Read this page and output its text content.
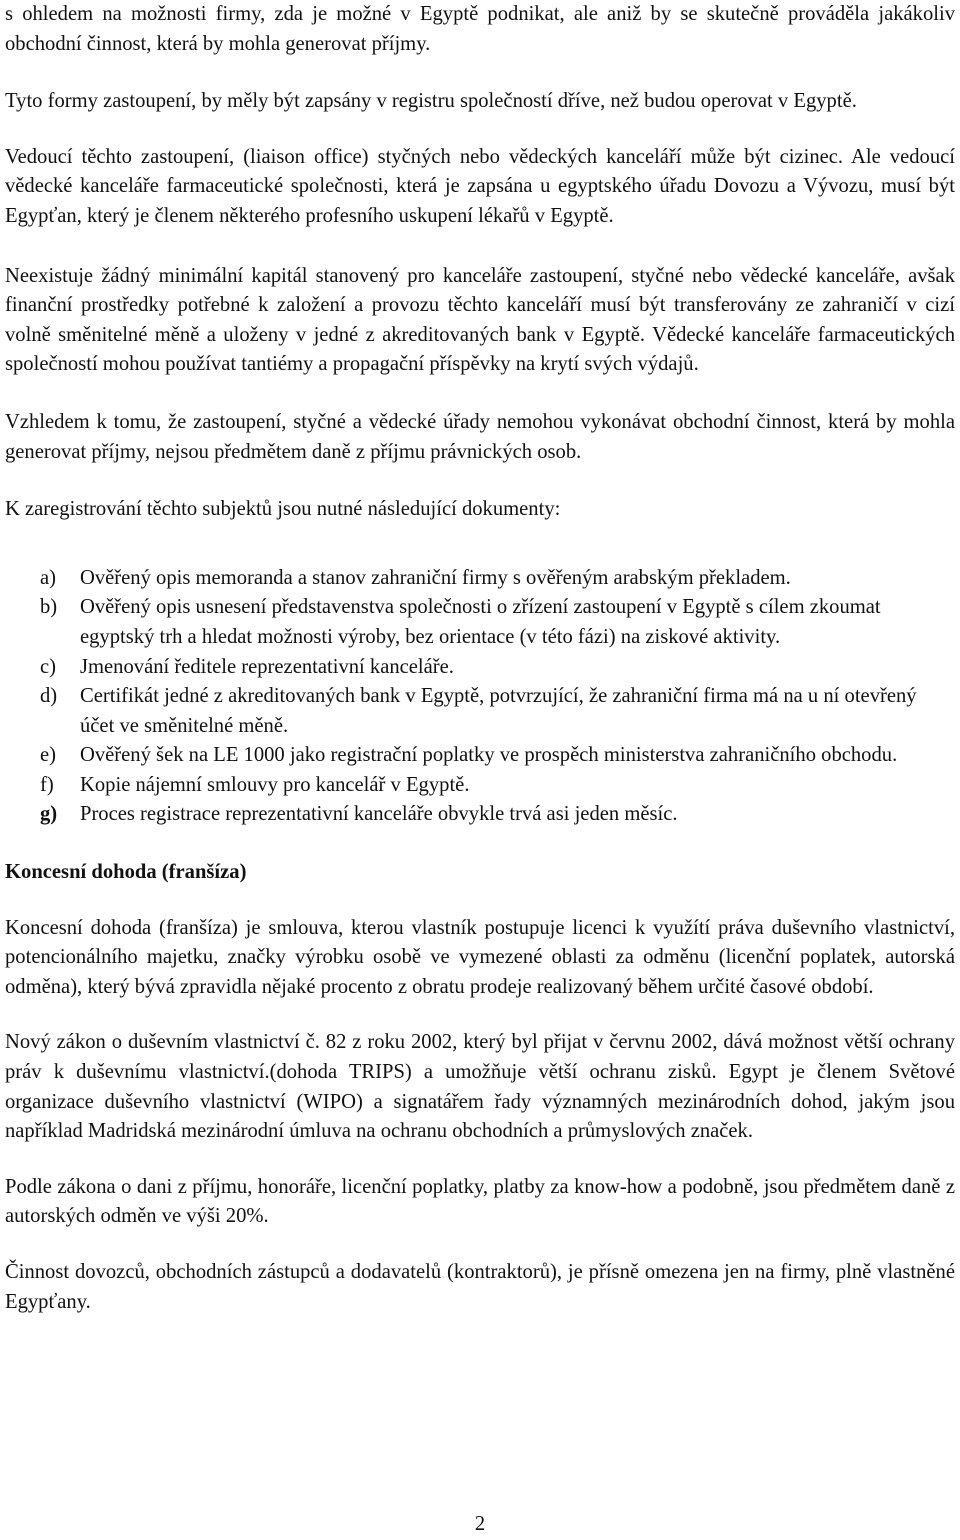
s ohledem na možnosti firmy, zda je možné v Egyptě podnikat, ale aniž by se skutečně prováděla jakákoliv obchodní činnost, která by mohla generovat příjmy.

Tyto formy zastoupení, by měly být zapsány v registru společností dříve, než budou operovat v Egyptě.

Vedoucí těchto zastoupení, (liaison office) styčných nebo vědeckých kanceláří může být cizinec. Ale vedoucí vědecké kanceláře farmaceutické společnosti, která je zapsána u egyptského úřadu Dovozu a Vývozu, musí být Egypťan, který je členem některého profesního uskupení lékařů v Egyptě.

Neexistuje žádný minimální kapitál stanovený pro kanceláře zastoupení, styčné nebo vědecké kanceláře, avšak finanční prostředky potřebné k založení a provozu těchto kanceláří musí být transferovány ze zahraničí v cizí volně směnitelné měně a uloženy v jedné z akreditovaných bank v Egyptě. Vědecké kanceláře farmaceutických společností mohou používat tantiémy a propagační příspěvky na krytí svých výdajů.

Vzhledem k tomu, že zastoupení, styčné a vědecké úřady nemohou vykonávat obchodní činnost, která by mohla generovat příjmy, nejsou předmětem daně z příjmu právnických osob.

K zaregistrování těchto subjektů jsou nutné následující dokumenty:

a) Ověřený opis memoranda a stanov zahraniční firmy s ověřeným arabským překladem.
b) Ověřený opis usnesení představenstva společnosti o zřízení zastoupení v Egyptě s cílem zkoumat egyptský trh a hledat možnosti výroby, bez orientace (v této fázi) na ziskové aktivity.
c) Jmenování ředitele reprezentativní kanceláře.
d) Certifikát jedné z akreditovaných bank v Egyptě, potvrzující, že zahraniční firma má na u ní otevřený účet ve směnitelné měně.
e) Ověřený šek na LE 1000 jako registrační poplatky ve prospěch ministerstva zahraničního obchodu.
f) Kopie nájemní smlouvy pro kancelář v Egyptě.
g) Proces registrace reprezentativní kanceláře obvykle trvá asi jeden měsíc.

Koncesní dohoda (franšíza)

Koncesní dohoda (franšíza) je smlouva, kterou vlastník postupuje licenci k využítí práva duševního vlastnictví, potencionálního majetku, značky výrobku osobě ve vymezené oblasti za odměnu (licenční poplatek, autorská odměna), který bývá zpravidla nějaké procento z obratu prodeje realizovaný během určité časové období.

Nový zákon o duševním vlastnictví č. 82 z roku 2002, který byl přijat v červnu 2002, dává možnost větší ochrany práv k duševnímu vlastnictví.(dohoda TRIPS) a umožňuje větší ochranu zisků. Egypt je členem Světové organizace duševního vlastnictví (WIPO) a signatářem řady významných mezinárodních dohod, jakým jsou například Madridská mezinárodní úmluva na ochranu obchodních a průmyslových značek.

Podle zákona o dani z příjmu, honoráře, licenční poplatky, platby za know-how a podobně, jsou předmětem daně z autorských odměn ve výši 20%.

Činnost dovozců, obchodních zástupců a dodavatelů (kontraktorů), je přísně omezena jen na firmy, plně vlastněné Egypťany.

2
